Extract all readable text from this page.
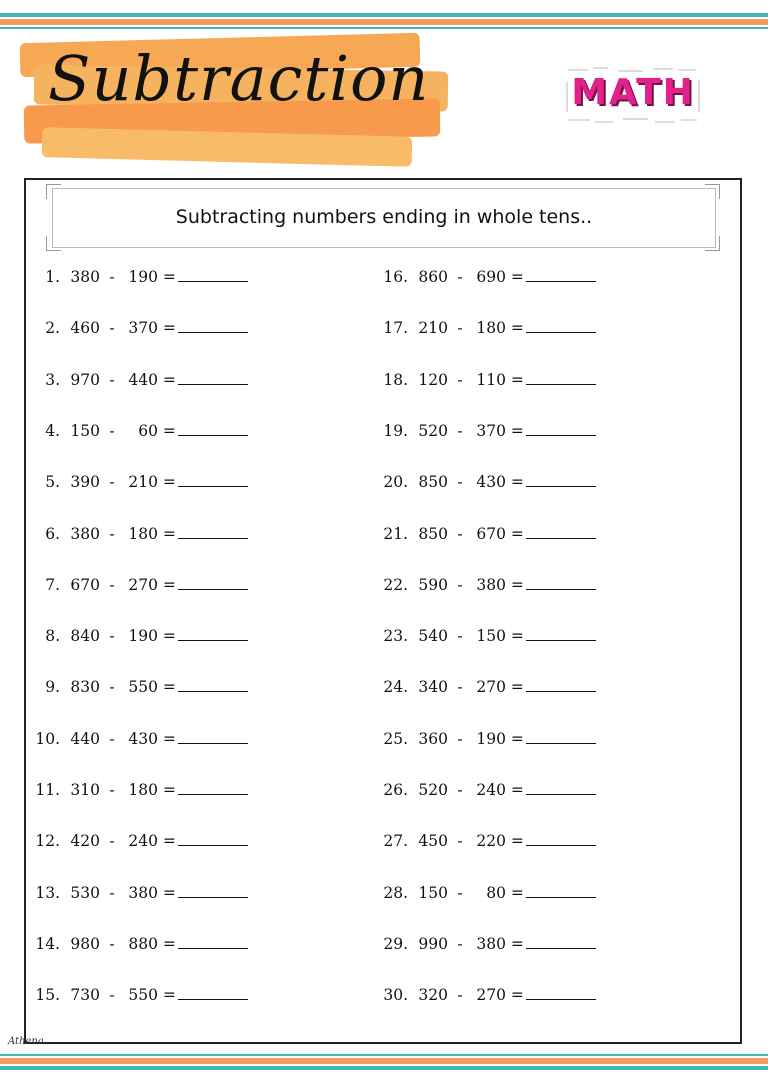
Subtraction	MATH
Subtracting numbers ending in whole tens..
1. 380 - 190 =
2. 460 - 370 =
3. 970 - 440 =
4. 150 - 60 =
5. 390 - 210 =
6. 380 - 180 =
7. 670 - 270 =
8. 840 - 190 =
9. 830 - 550 =
10. 440 - 430 =
11. 310 - 180 =
12. 420 - 240 =
13. 530 - 380 =
14. 980 - 880 =
15. 730 - 550 =
16. 860 - 690 =
17. 210 - 180 =
18. 120 - 110 =
19. 520 - 370 =
20. 850 - 430 =
21. 850 - 670 =
22. 590 - 380 =
23. 540 - 150 =
24. 340 - 270 =
25. 360 - 190 =
26. 520 - 240 =
27. 450 - 220 =
28. 150 - 80 =
29. 990 - 380 =
30. 320 - 270 =
Athena
